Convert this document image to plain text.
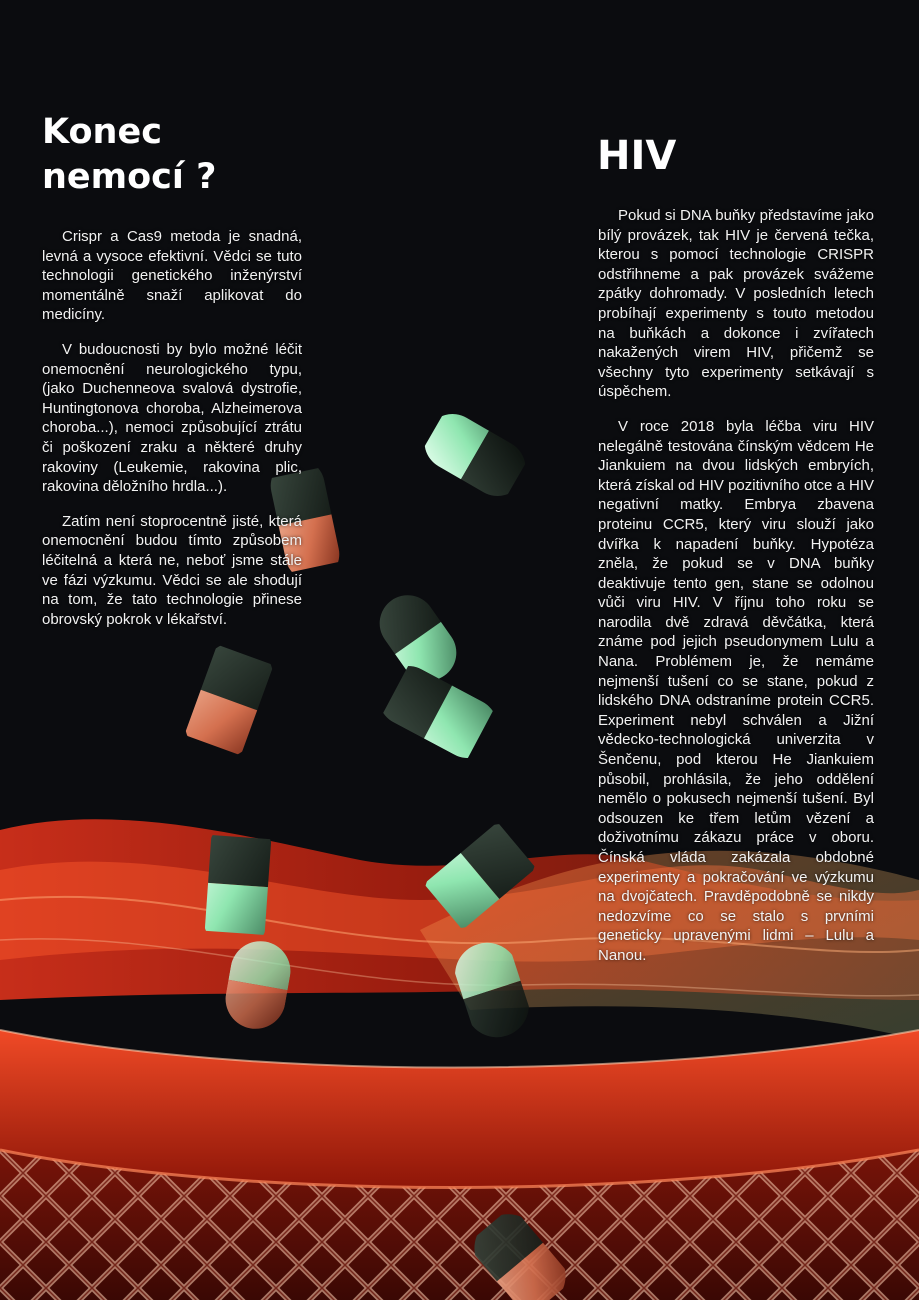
Konec
nemocí ?

Crispr a Cas9 metoda je snadná, levná a vysoce efektivní. Vědci se tuto technologii genetického inženýrství momentálně snaží aplikovat do medicíny.

V budoucnosti by bylo možné léčit onemocnění neurologického typu, (jako Duchenneova svalová dystrofie, Huntingtonova choroba, Alzheimerova choroba...), nemoci způsobující ztrátu či poškození zraku a některé druhy rakoviny (Leukemie, rakovina plic, rakovina děložního hrdla...).

Zatím není stoprocentně jisté, která onemocnění budou tímto způsobem léčitelná a která ne, neboť jsme stále ve fázi výzkumu. Vědci se ale shodují na tom, že tato technologie přinese obrovský pokrok v lékařství.

HIV

Pokud si DNA buňky představíme jako bílý provázek, tak HIV je červená tečka, kterou s pomocí technologie CRISPR odstřihneme a pak provázek svážeme zpátky dohromady. V posledních letech probíhají experimenty s touto metodou na buňkách a dokonce i zvířatech nakažených virem HIV, přičemž se všechny tyto experimenty setkávají s úspěchem.

V roce 2018 byla léčba viru HIV nelegálně testována čínským vědcem He Jiankuiem na dvou lidských embryích, která získal od HIV pozitivního otce a HIV negativní matky. Embrya zbavena proteinu CCR5, který viru slouží jako dvířka k napadení buňky. Hypotéza zněla, že pokud se v DNA buňky deaktivuje tento gen, stane se odolnou vůči viru HIV. V říjnu toho roku se narodila dvě zdravá děvčátka, která známe pod jejich pseudonymem Lulu a Nana. Problémem je, že nemáme nejmenší tušení co se stane, pokud z lidského DNA odstraníme protein CCR5. Experiment nebyl schválen a Jižní vědecko-technologická univerzita v Šenčenu, pod kterou He Jiankuiem působil, prohlásila, že jeho oddělení nemělo o pokusech nejmenší tušení. Byl odsouzen ke třem letům vězení a doživotnímu zákazu práce v oboru. Čínská vláda zakázala obdobné experimenty a pokračování ve výzkumu na dvojčatech. Pravděpodobně se nikdy nedozvíme co se stalo s prvními geneticky upravenými lidmi – Lulu a Nanou.
